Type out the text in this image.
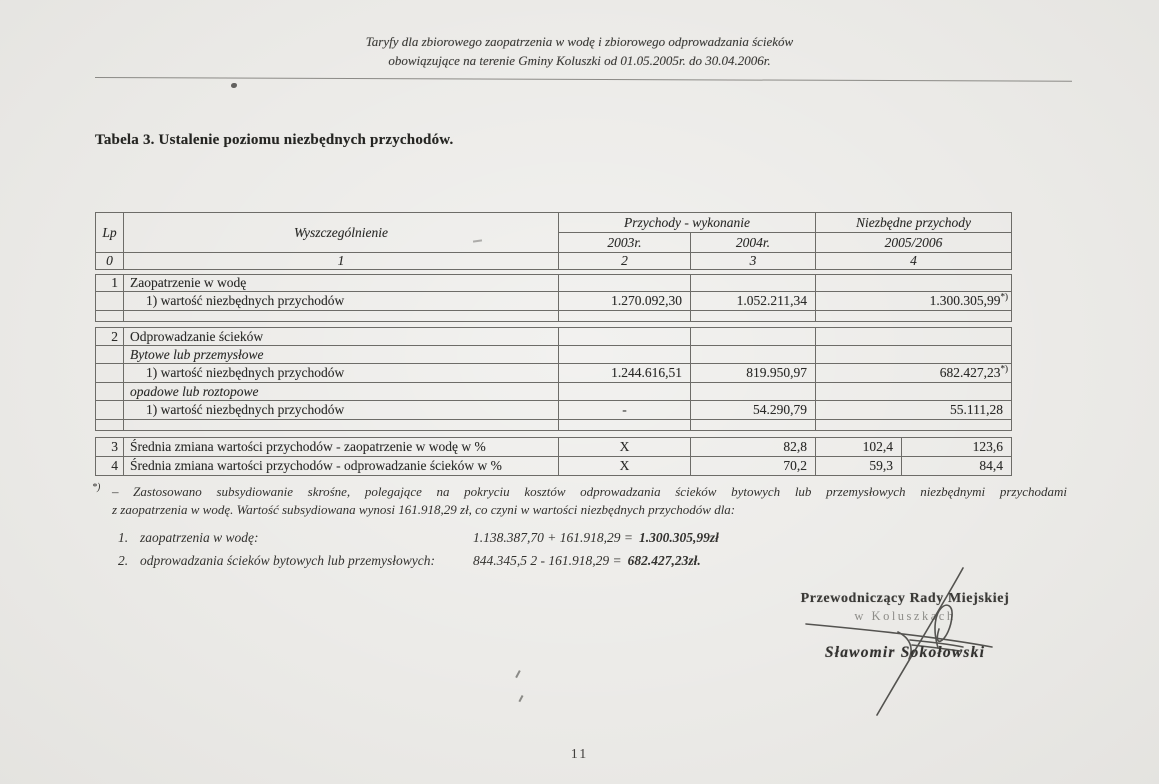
Taryfy dla zbiorowego zaopatrzenia w wodę i zbiorowego odprowadzania ścieków
obowiązujące na terenie Gminy Koluszki od 01.05.2005r. do 30.04.2006r.
Tabela 3. Ustalenie poziomu niezbędnych przychodów.
Lp	Wyszczególnienie	Przychody - wykonanie		Niezbędne przychody
		2003r.	2004r.	2005/2006
0	1	2	3	4
1	Zaopatrzenie w wodę			
	1) wartość niezbędnych przychodów	1.270.092,30	1.052.211,34	1.300.305,99*)

2	Odprowadzanie ścieków			
	Bytowe lub przemysłowe			
	1) wartość niezbędnych przychodów	1.244.616,51	819.950,97	682.427,23*)
	opadowe lub roztopowe			
	1) wartość niezbędnych przychodów	-	54.290,79	55.111,28

3	Średnia zmiana wartości przychodów - zaopatrzenie w wodę w %	X	82,8	102,4	123,6
4	Średnia zmiana wartości przychodów - odprowadzanie ścieków w %	X	70,2	59,3	84,4
*) – Zastosowano subsydiowanie skrośne, polegające na pokryciu kosztów odprowadzania ścieków bytowych lub przemysłowych niezbędnymi przychodami
z zaopatrzenia w wodę. Wartość subsydiowana wynosi 161.918,29 zł, co czyni w wartości niezbędnych przychodów dla:
1. zaopatrzenia w wodę:	1.138.387,70 + 161.918,29 = 1.300.305,99zł
2. odprowadzania ścieków bytowych lub przemysłowych:	844.345,5 2 - 161.918,29 = 682.427,23zł.
Przewodniczący Rady Miejskiej
w Koluszkach
Sławomir Sokołowski
11
